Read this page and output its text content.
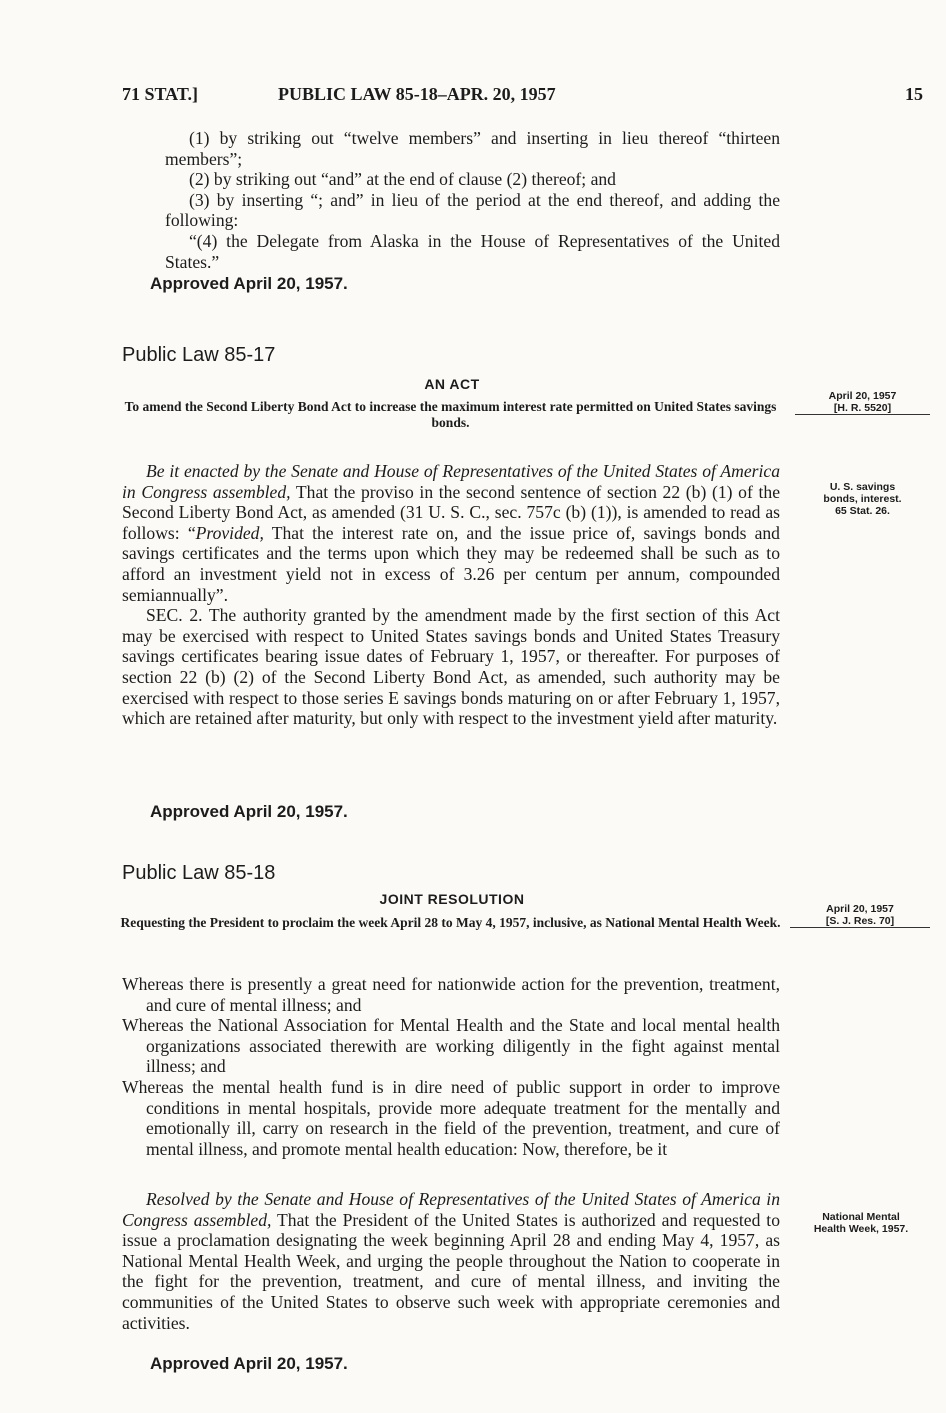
71 STAT.]	PUBLIC LAW 85-18–APR. 20, 1957	15

(1) by striking out “twelve members” and inserting in lieu thereof “thirteen members”;

(2) by striking out “and” at the end of clause (2) thereof; and

(3) by inserting “; and” in lieu of the period at the end thereof, and adding the following:

“(4) the Delegate from Alaska in the House of Representatives of the United States.”

Approved April 20, 1957.
Public Law 85-17
AN ACT
To amend the Second Liberty Bond Act to increase the maximum interest rate permitted on United States savings bonds.
April 20, 1957
[H. R. 5520]
U. S. savings
bonds, interest.
65 Stat. 26.

Be it enacted by the Senate and House of Representatives of the United States of America in Congress assembled, That the proviso in the second sentence of section 22 (b) (1) of the Second Liberty Bond Act, as amended (31 U. S. C., sec. 757c (b) (1)), is amended to read as follows: “Provided, That the interest rate on, and the issue price of, savings bonds and savings certificates and the terms upon which they may be redeemed shall be such as to afford an investment yield not in excess of 3.26 per centum per annum, compounded semiannually”.

SEC. 2. The authority granted by the amendment made by the first section of this Act may be exercised with respect to United States savings bonds and United States Treasury savings certificates bearing issue dates of February 1, 1957, or thereafter. For purposes of section 22 (b) (2) of the Second Liberty Bond Act, as amended, such authority may be exercised with respect to those series E savings bonds maturing on or after February 1, 1957, which are retained after maturity, but only with respect to the investment yield after maturity.

Approved April 20, 1957.
Public Law 85-18
JOINT RESOLUTION
Requesting the President to proclaim the week April 28 to May 4, 1957, inclusive, as National Mental Health Week.
April 20, 1957
[S. J. Res. 70]

Whereas there is presently a great need for nationwide action for the prevention, treatment, and cure of mental illness; and

Whereas the National Association for Mental Health and the State and local mental health organizations associated therewith are working diligently in the fight against mental illness; and

Whereas the mental health fund is in dire need of public support in order to improve conditions in mental hospitals, provide more adequate treatment for the mentally and emotionally ill, carry on research in the field of the prevention, treatment, and cure of mental illness, and promote mental health education: Now, therefore, be it

National Mental
Health Week, 1957.

Resolved by the Senate and House of Representatives of the United States of America in Congress assembled, That the President of the United States is authorized and requested to issue a proclamation designating the week beginning April 28 and ending May 4, 1957, as National Mental Health Week, and urging the people throughout the Nation to cooperate in the fight for the prevention, treatment, and cure of mental illness, and inviting the communities of the United States to observe such week with appropriate ceremonies and activities.

Approved April 20, 1957.
